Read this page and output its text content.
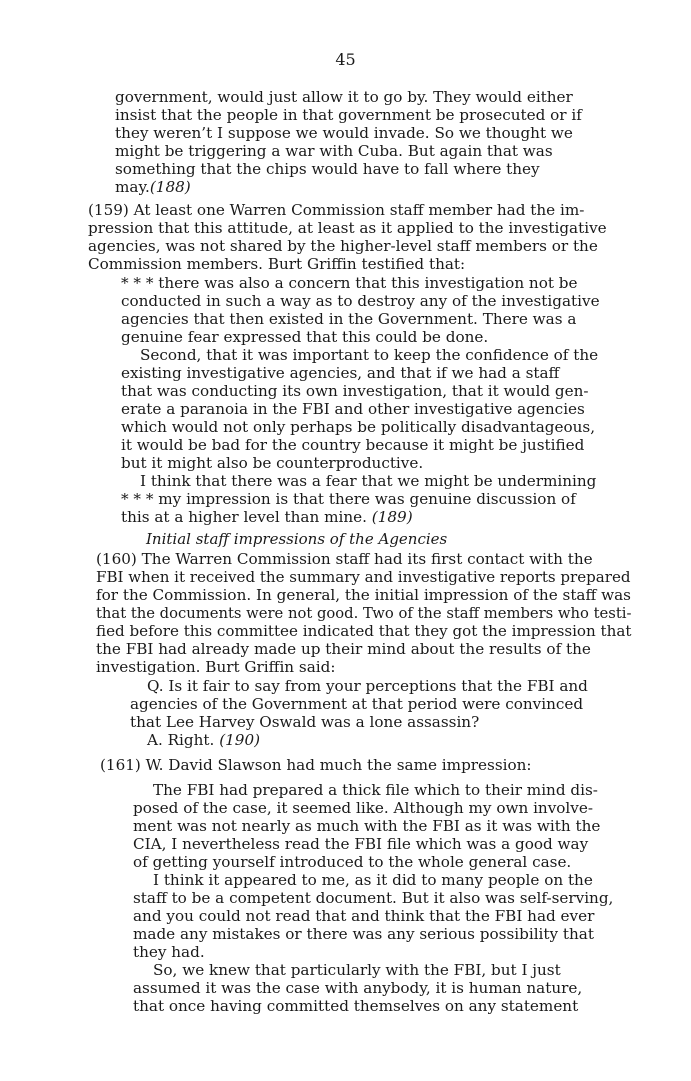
45
government, would just allow it to go by. They would either
insist that the people in that government be prosecuted or if
they weren’t I suppose we would invade. So we thought we
might be triggering a war with Cuba. But again that was
something that the chips would have to fall where they
may.(188)
(159) At least one Warren Commission staff member had the im-
pression that this attitude, at least as it applied to the investigative
agencies, was not shared by the higher-level staff members or the
Commission members. Burt Griffin testified that:
* * * there was also a concern that this investigation not be
conducted in such a way as to destroy any of the investigative
agencies that then existed in the Government. There was a
genuine fear expressed that this could be done.
Second, that it was important to keep the confidence of the
existing investigative agencies, and that if we had a staff
that was conducting its own investigation, that it would gen-
erate a paranoia in the FBI and other investigative agencies
which would not only perhaps be politically disadvantageous,
it would be bad for the country because it might be justified
but it might also be counterproductive.
I think that there was a fear that we might be undermining
* * * my impression is that there was genuine discussion of
this at a higher level than mine. (189)
Initial staff impressions of the Agencies
(160) The Warren Commission staff had its first contact with the
FBI when it received the summary and investigative reports prepared
for the Commission. In general, the initial impression of the staff was
that the documents were not good. Two of the staff members who testi-
fied before this committee indicated that they got the impression that
the FBI had already made up their mind about the results of the
investigation. Burt Griffin said:
Q. Is it fair to say from your perceptions that the FBI and
agencies of the Government at that period were convinced
that Lee Harvey Oswald was a lone assassin?
A. Right. (190)
(161) W. David Slawson had much the same impression:
The FBI had prepared a thick file which to their mind dis-
posed of the case, it seemed like. Although my own involve-
ment was not nearly as much with the FBI as it was with the
CIA, I nevertheless read the FBI file which was a good way
of getting yourself introduced to the whole general case.
I think it appeared to me, as it did to many people on the
staff to be a competent document. But it also was self-serving,
and you could not read that and think that the FBI had ever
made any mistakes or there was any serious possibility that
they had.
So, we knew that particularly with the FBI, but I just
assumed it was the case with anybody, it is human nature,
that once having committed themselves on any statement
